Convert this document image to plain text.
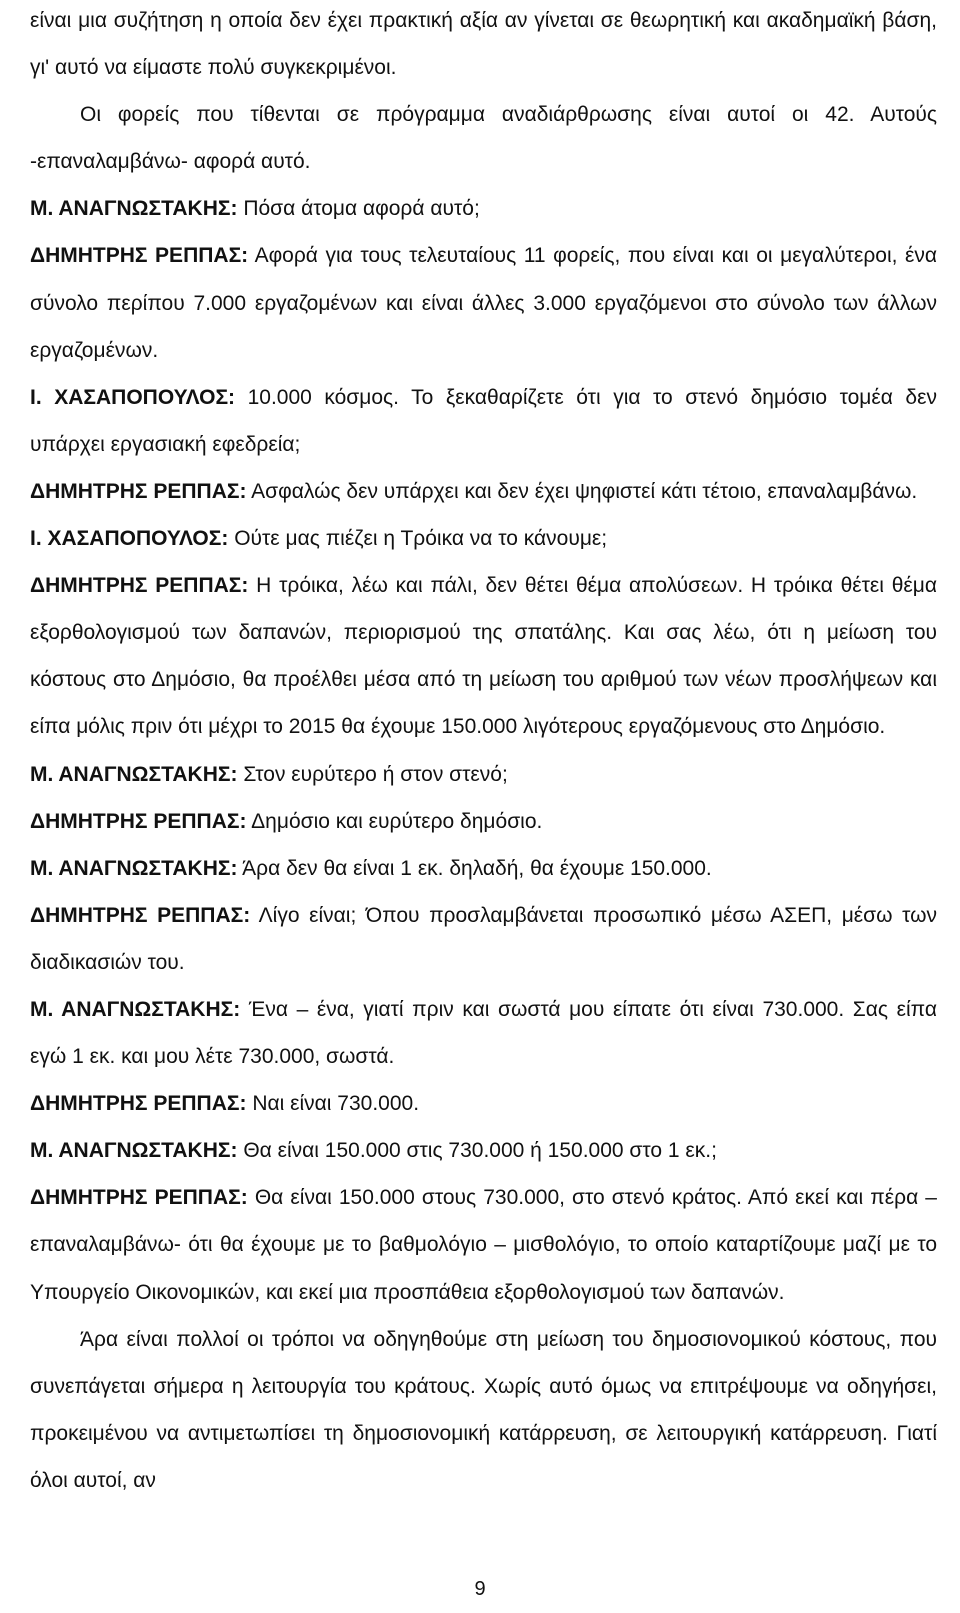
είναι μια συζήτηση η οποία δεν έχει πρακτική αξία αν γίνεται σε θεωρητική και ακαδημαϊκή βάση, γι' αυτό να είμαστε πολύ συγκεκριμένοι.

Οι φορείς που τίθενται σε πρόγραμμα αναδιάρθρωσης είναι αυτοί οι 42. Αυτούς -επαναλαμβάνω- αφορά αυτό.

Μ. ΑΝΑΓΝΩΣΤΑΚΗΣ: Πόσα άτομα αφορά αυτό;

ΔΗΜΗΤΡΗΣ ΡΕΠΠΑΣ: Αφορά για τους τελευταίους 11 φορείς, που είναι και οι μεγαλύτεροι, ένα σύνολο περίπου 7.000 εργαζομένων και είναι άλλες 3.000 εργαζόμενοι στο σύνολο των άλλων εργαζομένων.

Ι. ΧΑΣΑΠΟΠΟΥΛΟΣ: 10.000 κόσμος. Το ξεκαθαρίζετε ότι για το στενό δημόσιο τομέα δεν υπάρχει εργασιακή εφεδρεία;

ΔΗΜΗΤΡΗΣ ΡΕΠΠΑΣ: Ασφαλώς δεν υπάρχει και δεν έχει ψηφιστεί κάτι τέτοιο, επαναλαμβάνω.

Ι. ΧΑΣΑΠΟΠΟΥΛΟΣ: Ούτε μας πιέζει η Τρόικα να το κάνουμε;

ΔΗΜΗΤΡΗΣ ΡΕΠΠΑΣ: Η τρόικα, λέω και πάλι, δεν θέτει θέμα απολύσεων. Η τρόικα θέτει θέμα εξορθολογισμού των δαπανών, περιορισμού της σπατάλης. Και σας λέω, ότι η μείωση του κόστους στο Δημόσιο, θα προέλθει μέσα από τη μείωση του αριθμού των νέων προσλήψεων και είπα μόλις πριν ότι μέχρι το 2015 θα έχουμε 150.000 λιγότερους εργαζόμενους στο Δημόσιο.

Μ. ΑΝΑΓΝΩΣΤΑΚΗΣ: Στον ευρύτερο ή στον στενό;

ΔΗΜΗΤΡΗΣ ΡΕΠΠΑΣ: Δημόσιο και ευρύτερο δημόσιο.

Μ. ΑΝΑΓΝΩΣΤΑΚΗΣ: Άρα δεν θα είναι 1 εκ. δηλαδή, θα έχουμε 150.000.

ΔΗΜΗΤΡΗΣ ΡΕΠΠΑΣ: Λίγο είναι; Όπου προσλαμβάνεται προσωπικό μέσω ΑΣΕΠ, μέσω των διαδικασιών του.

Μ. ΑΝΑΓΝΩΣΤΑΚΗΣ: Ένα – ένα, γιατί πριν και σωστά μου είπατε ότι είναι 730.000. Σας είπα εγώ 1 εκ. και μου λέτε 730.000, σωστά.

ΔΗΜΗΤΡΗΣ ΡΕΠΠΑΣ: Ναι είναι 730.000.

Μ. ΑΝΑΓΝΩΣΤΑΚΗΣ: Θα είναι 150.000 στις 730.000 ή 150.000 στο 1 εκ.;

ΔΗΜΗΤΡΗΣ ΡΕΠΠΑΣ: Θα είναι 150.000 στους 730.000, στο στενό κράτος. Από εκεί και πέρα –επαναλαμβάνω- ότι θα έχουμε με το βαθμολόγιο – μισθολόγιο, το οποίο καταρτίζουμε μαζί με το Υπουργείο Οικονομικών, και εκεί μια προσπάθεια εξορθολογισμού των δαπανών.

Άρα είναι πολλοί οι τρόποι να οδηγηθούμε στη μείωση του δημοσιονομικού κόστους, που συνεπάγεται σήμερα η λειτουργία του κράτους. Χωρίς αυτό όμως να επιτρέψουμε να οδηγήσει, προκειμένου να αντιμετωπίσει τη δημοσιονομική κατάρρευση, σε λειτουργική κατάρρευση. Γιατί όλοι αυτοί, αν

9
